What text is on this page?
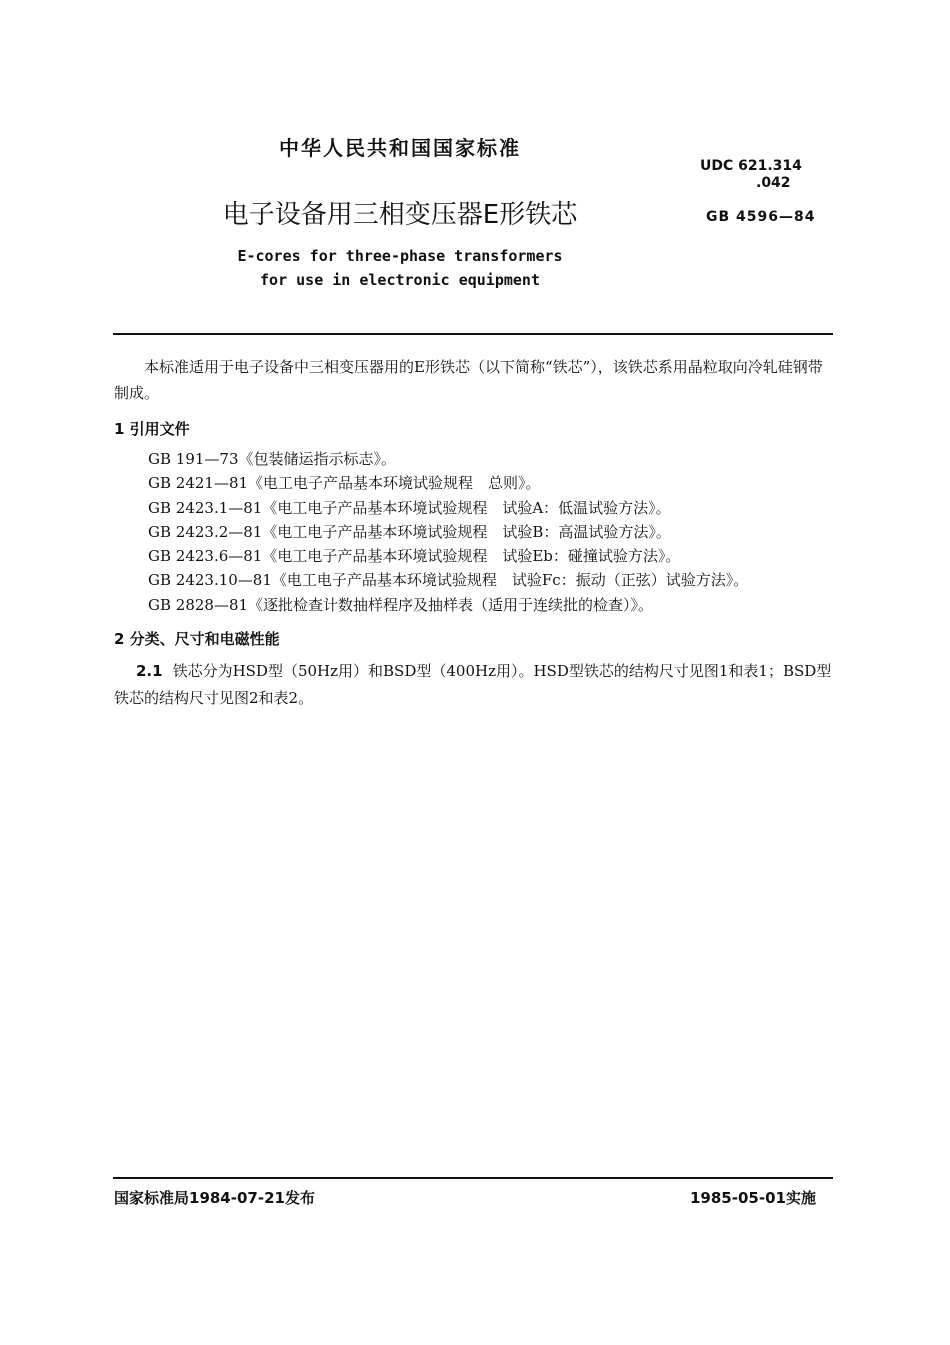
中华人民共和国国家标准
UDC 621.314
.042
电子设备用三相变压器E形铁芯	GB 4596—84
E-cores for three-phase transformers
for use in electronic equipment
本标准适用于电子设备中三相变压器用的E形铁芯（以下简称“铁芯”），该铁芯系用晶粒取向冷轧硅钢带制成。
1 引用文件
GB 191—73《包装储运指示标志》。
GB 2421—81《电工电子产品基本环境试验规程　总则》。
GB 2423.1—81《电工电子产品基本环境试验规程　试验A：低温试验方法》。
GB 2423.2—81《电工电子产品基本环境试验规程　试验B：高温试验方法》。
GB 2423.6—81《电工电子产品基本环境试验规程　试验Eb：碰撞试验方法》。
GB 2423.10—81《电工电子产品基本环境试验规程　试验Fc：振动（正弦）试验方法》。
GB 2828—81《逐批检查计数抽样程序及抽样表（适用于连续批的检查）》。
2 分类、尺寸和电磁性能
2.1 铁芯分为HSD型（50Hz用）和BSD型（400Hz用）。HSD型铁芯的结构尺寸见图1和表1；BSD型铁芯的结构尺寸见图2和表2。
国家标准局1984-07-21发布	1985-05-01实施
